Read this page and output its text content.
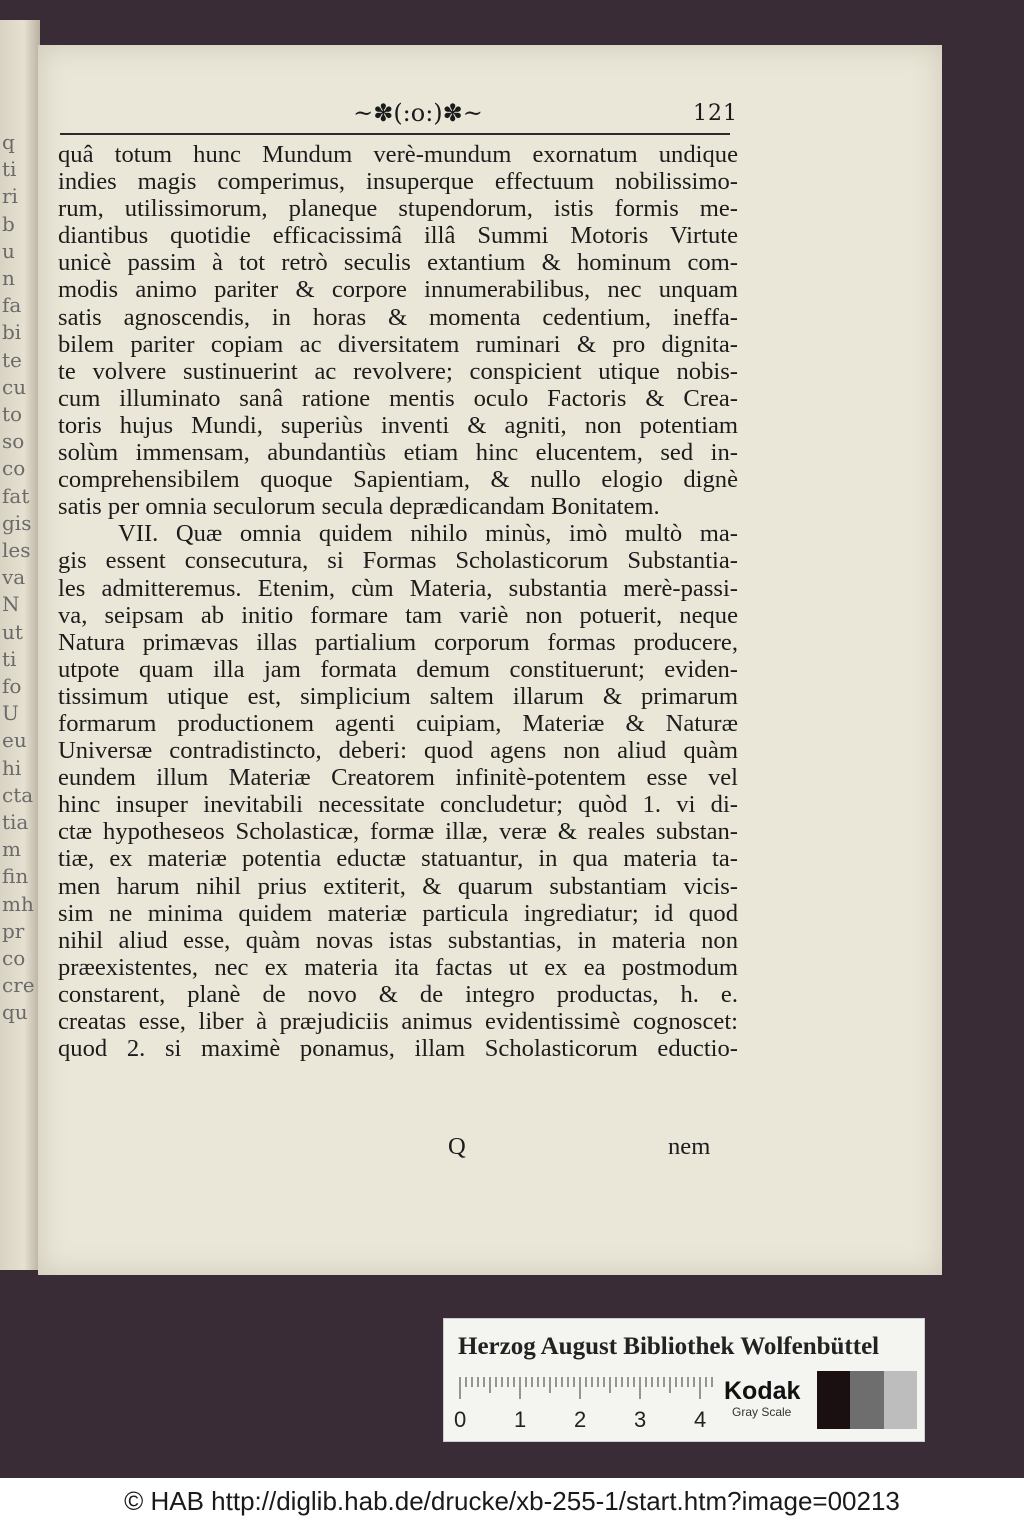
q
ti
ri
b
u
n
fa
bi
te
cu
to
so
co
fat
gis
les
va
N
ut
ti
fo
U
eu
hi
cta
tia
m
fin
mh
pr
co
cre
qu
~✽(:o:)✽~	121
quâ totum hunc Mundum verè-mundum exornatum undique
indies magis comperimus, insuperque effectuum nobilissimo-
rum, utilissimorum, planeque stupendorum, istis formis me-
diantibus quotidie efficacissimâ illâ Summi Motoris Virtute
unicè passim à tot retrò seculis extantium & hominum com-
modis animo pariter & corpore innumerabilibus, nec unquam
satis agnoscendis, in horas & momenta cedentium, ineffa-
bilem pariter copiam ac diversitatem ruminari & pro dignita-
te volvere sustinuerint ac revolvere; conspicient utique nobis-
cum illuminato sanâ ratione mentis oculo Factoris & Crea-
toris hujus Mundi, superiùs inventi & agniti, non potentiam
solùm immensam, abundantiùs etiam hinc elucentem, sed in-
comprehensibilem quoque Sapientiam, & nullo elogio dignè
satis per omnia seculorum secula deprædicandam Bonitatem.
VII. Quæ omnia quidem nihilo minùs, imò multò ma-
gis essent consecutura, si Formas Scholasticorum Substantia-
les admitteremus. Etenim, cùm Materia, substantia merè-passi-
va, seipsam ab initio formare tam variè non potuerit, neque
Natura primævas illas partialium corporum formas producere,
utpote quam illa jam formata demum constituerunt; eviden-
tissimum utique est, simplicium saltem illarum & primarum
formarum productionem agenti cuipiam, Materiæ & Naturæ
Universæ contradistincto, deberi: quod agens non aliud quàm
eundem illum Materiæ Creatorem infinitè-potentem esse vel
hinc insuper inevitabili necessitate concludetur; quòd 1. vi di-
ctæ hypotheseos Scholasticæ, formæ illæ, veræ & reales substan-
tiæ, ex materiæ potentia eductæ statuantur, in qua materia ta-
men harum nihil prius extiterit, & quarum substantiam vicis-
sim ne minima quidem materiæ particula ingrediatur; id quod
nihil aliud esse, quàm novas istas substantias, in materia non
præexistentes, nec ex materia ita factas ut ex ea postmodum
constarent, planè de novo & de integro productas, h. e.
creatas esse, liber à præjudiciis animus evidentissimè cognoscet:
quod 2. si maximè ponamus, illam Scholasticorum eductio-
Q	nem
Herzog August Bibliothek Wolfenbüttel
0 1 2 3 4
Kodak
Gray Scale
© HAB http://diglib.hab.de/drucke/xb-255-1/start.htm?image=00213
